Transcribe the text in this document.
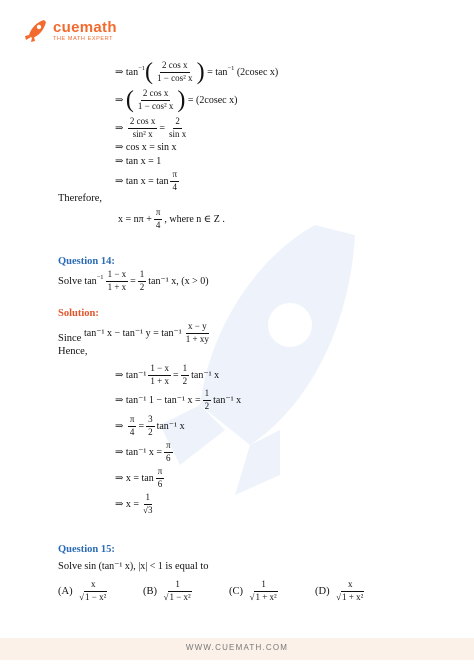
cuemath
THE MATH EXPERT
⇒
tan −1 ( 2 cos x
1 − cos² x )
=
tan −1
(2cosec x)
⇒
( 2 cos x
1 − cos² x )
= (2cosec x)
⇒
$\frac{\text{2 cos x}}{\text{sin² x}} = \frac{2}{\text{sin x}}$
⇒
cos x = sin x
⇒
tan x = 1
⇒
tan x = tan
π
4
Therefore,
$x = n\pi + \frac{\pi}{4}$ , where n ∈ Z .
Question 14:
Solve
$\tan -1 \frac{1 - x}{1 + x} = \frac{1}{2} \tan^{-1}$ x, (x > 0)
Solution:
tan⁻¹ x − tan⁻¹ y = tan⁻¹
x − y
1 + xy
Since
Hence,
⇒
$\tan^{-1} \frac{1 - x}{1 + x} = \frac{1}{2} \tan^{-1}$ x
⇒
tan⁻¹ 1 − tan⁻¹ $x = \frac{1}{2} \tan^{-1}$ x
⇒
$\frac{\pi}{4} = \frac{3}{2} \tan^{-1}$ x
⇒
tan⁻¹ $x = \frac{\pi}{6}$
⇒
x = tan
π
6
⇒
$x = \frac{1}{√3}$
Question 15:
Solve
sin (tan⁻¹ x), |x| < 1
is equal to
(A)

x
√1 − x²	(B)

1
√1 − x²	(C)

1
√1 + x²	(D)

x
√1 + x²
WWW.CUEMATH.COM
